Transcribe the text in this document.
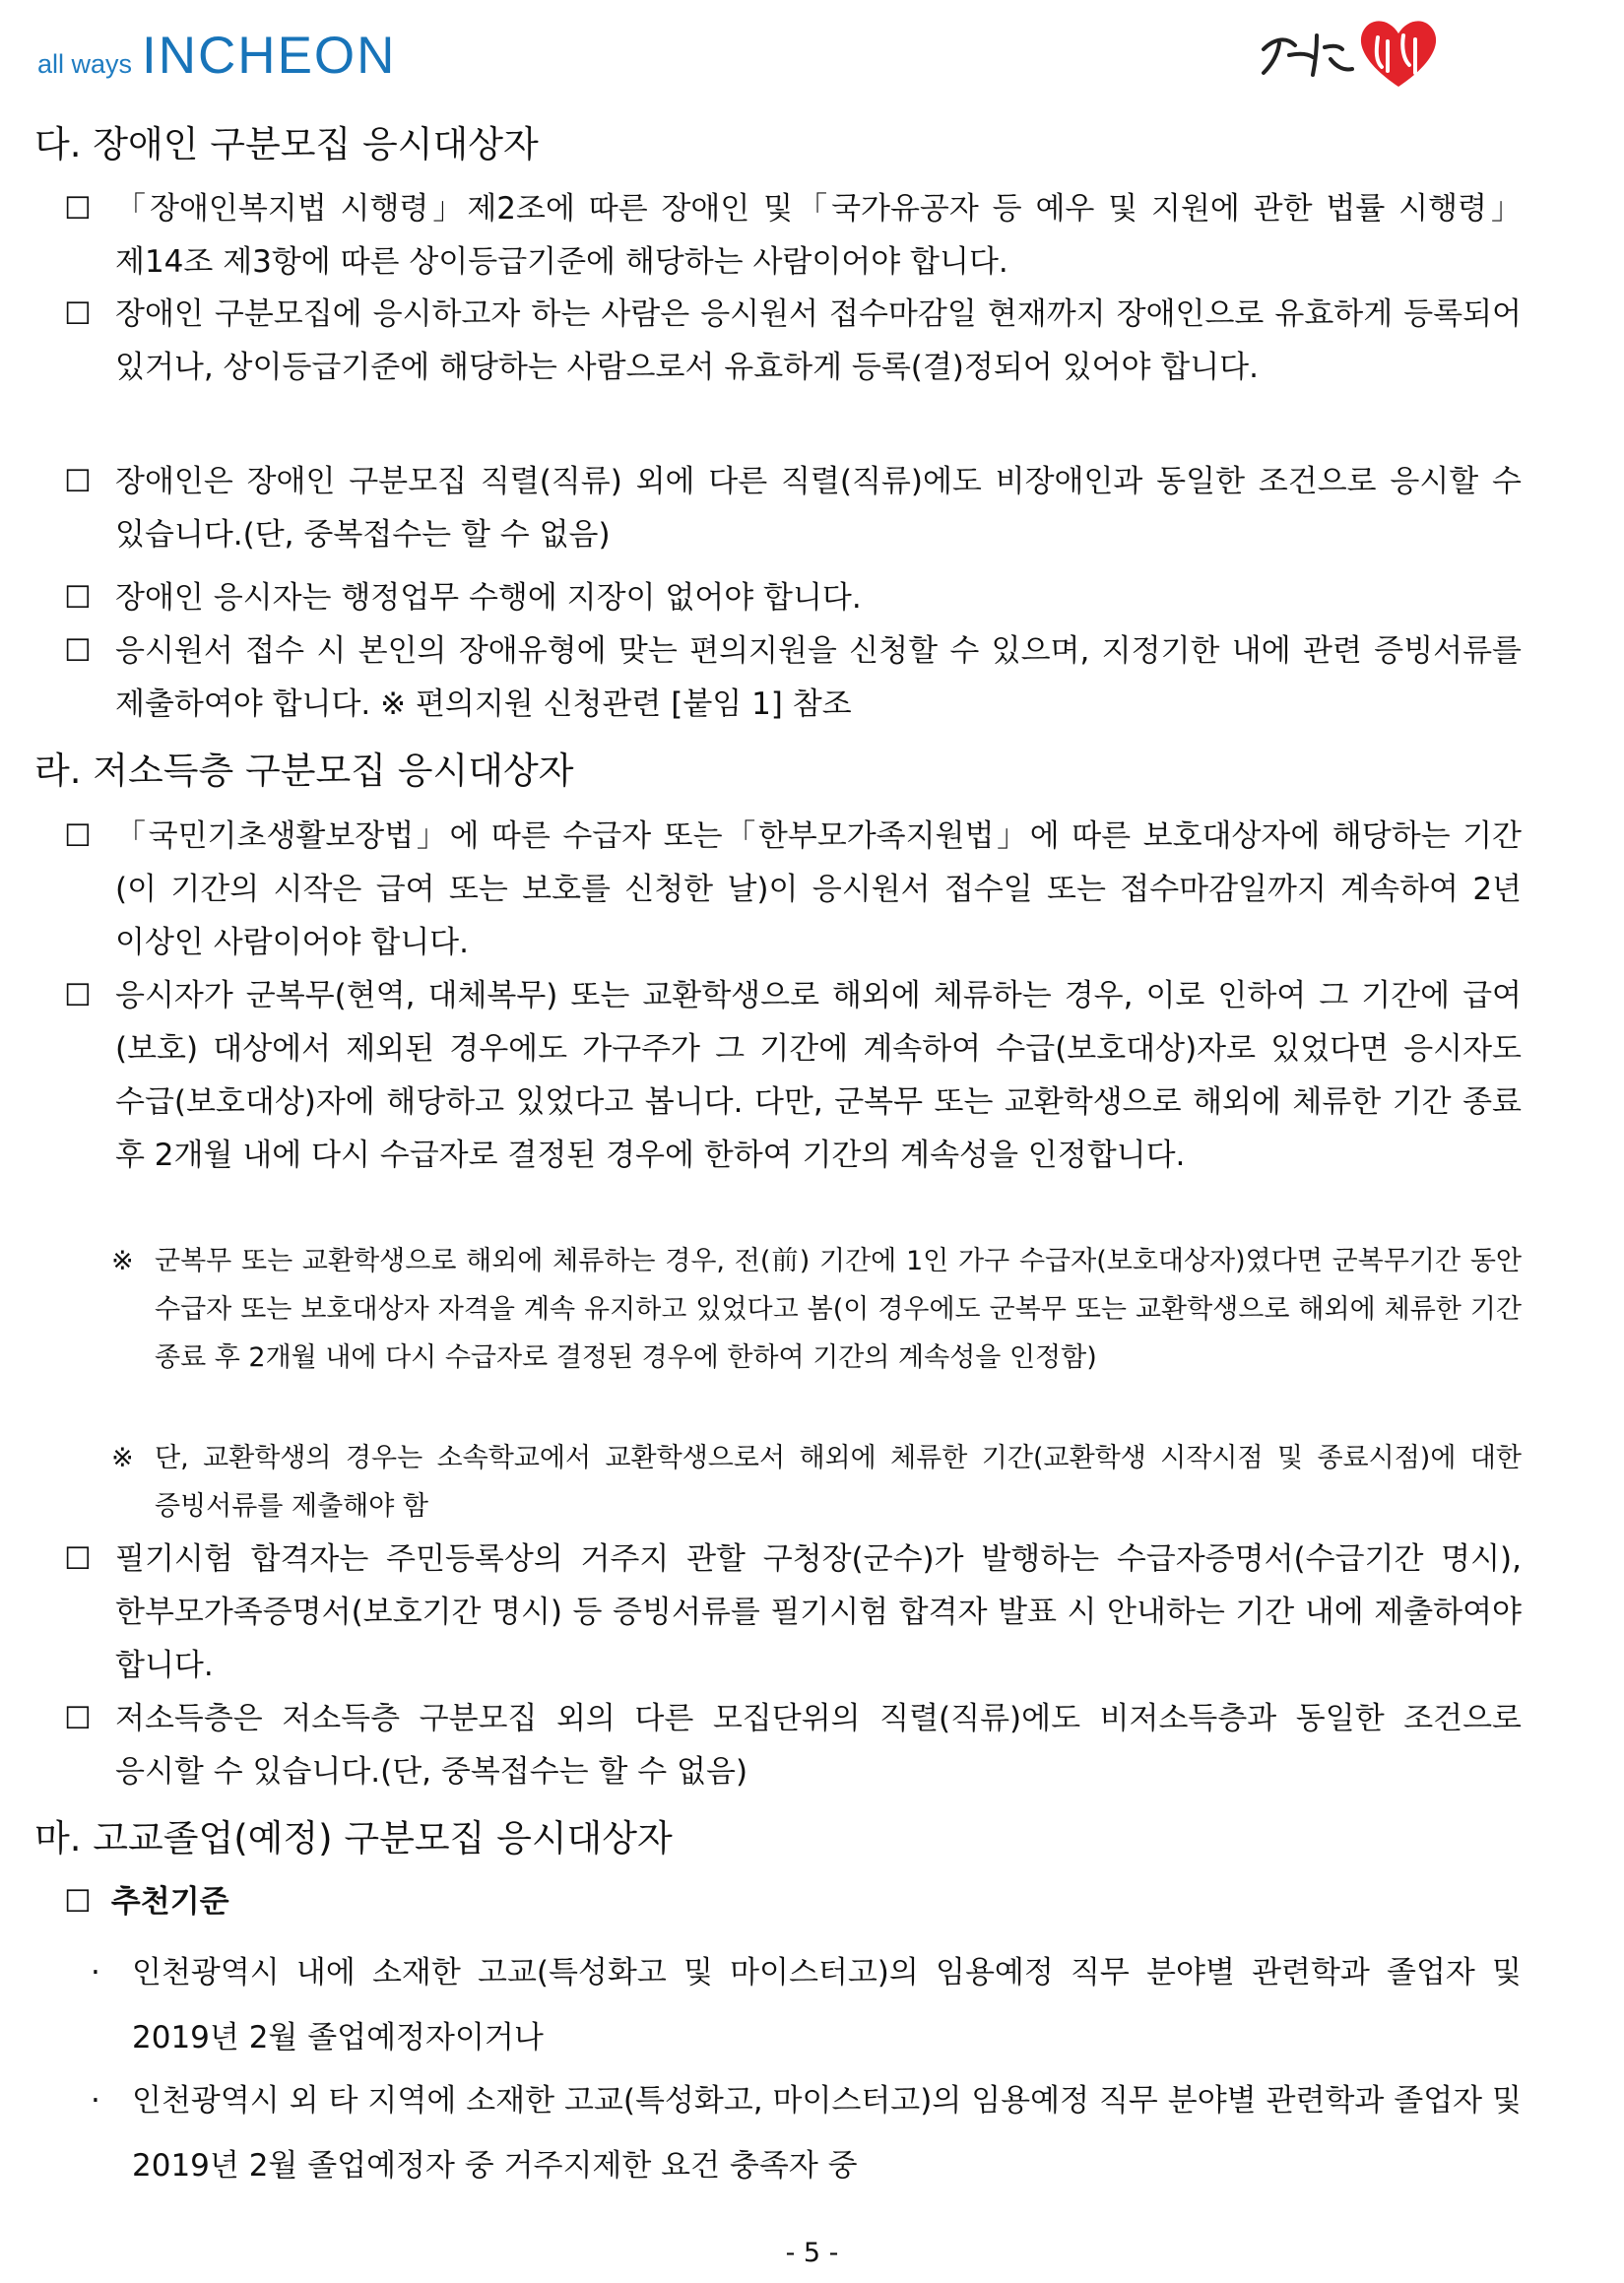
all ways INCHEON
다. 장애인 구분모집 응시대상자
☐ 「장애인복지법 시행령」제2조에 따른 장애인 및「국가유공자 등 예우 및 지원에 관한 법률 시행령」제14조 제3항에 따른 상이등급기준에 해당하는 사람이어야 합니다.
☐ 장애인 구분모집에 응시하고자 하는 사람은 응시원서 접수마감일 현재까지 장애인으로 유효하게 등록되어 있거나, 상이등급기준에 해당하는 사람으로서 유효하게 등록(결)정되어 있어야 합니다.
☐ 장애인은 장애인 구분모집 직렬(직류) 외에 다른 직렬(직류)에도 비장애인과 동일한 조건으로 응시할 수 있습니다.(단, 중복접수는 할 수 없음)
☐ 장애인 응시자는 행정업무 수행에 지장이 없어야 합니다.
☐ 응시원서 접수 시 본인의 장애유형에 맞는 편의지원을 신청할 수 있으며, 지정기한 내에 관련 증빙서류를 제출하여야 합니다. ※ 편의지원 신청관련 [붙임 1] 참조
라. 저소득층 구분모집 응시대상자
☐ 「국민기초생활보장법」에 따른 수급자 또는「한부모가족지원법」에 따른 보호대상자에 해당하는 기간(이 기간의 시작은 급여 또는 보호를 신청한 날)이 응시원서 접수일 또는 접수마감일까지 계속하여 2년 이상인 사람이어야 합니다.
☐ 응시자가 군복무(현역, 대체복무) 또는 교환학생으로 해외에 체류하는 경우, 이로 인하여 그 기간에 급여(보호) 대상에서 제외된 경우에도 가구주가 그 기간에 계속하여 수급(보호대상)자로 있었다면 응시자도 수급(보호대상)자에 해당하고 있었다고 봅니다. 다만, 군복무 또는 교환학생으로 해외에 체류한 기간 종료 후 2개월 내에 다시 수급자로 결정된 경우에 한하여 기간의 계속성을 인정합니다.
※ 군복무 또는 교환학생으로 해외에 체류하는 경우, 전(前) 기간에 1인 가구 수급자(보호대상자)였다면 군복무기간 동안 수급자 또는 보호대상자 자격을 계속 유지하고 있었다고 봄(이 경우에도 군복무 또는 교환학생으로 해외에 체류한 기간 종료 후 2개월 내에 다시 수급자로 결정된 경우에 한하여 기간의 계속성을 인정함)
※ 단, 교환학생의 경우는 소속학교에서 교환학생으로서 해외에 체류한 기간(교환학생 시작시점 및 종료시점)에 대한 증빙서류를 제출해야 함
☐ 필기시험 합격자는 주민등록상의 거주지 관할 구청장(군수)가 발행하는 수급자증명서(수급기간 명시), 한부모가족증명서(보호기간 명시) 등 증빙서류를 필기시험 합격자 발표 시 안내하는 기간 내에 제출하여야 합니다.
☐ 저소득층은 저소득층 구분모집 외의 다른 모집단위의 직렬(직류)에도 비저소득층과 동일한 조건으로 응시할 수 있습니다.(단, 중복접수는 할 수 없음)
마. 고교졸업(예정) 구분모집 응시대상자
☐ 추천기준
·	인천광역시 내에 소재한 고교(특성화고 및 마이스터고)의 임용예정 직무 분야별 관련학과 졸업자 및 2019년 2월 졸업예정자이거나
·	인천광역시 외 타 지역에 소재한 고교(특성화고, 마이스터고)의 임용예정 직무 분야별 관련학과 졸업자 및 2019년 2월 졸업예정자 중 거주지제한 요건 충족자 중
- 5 -
